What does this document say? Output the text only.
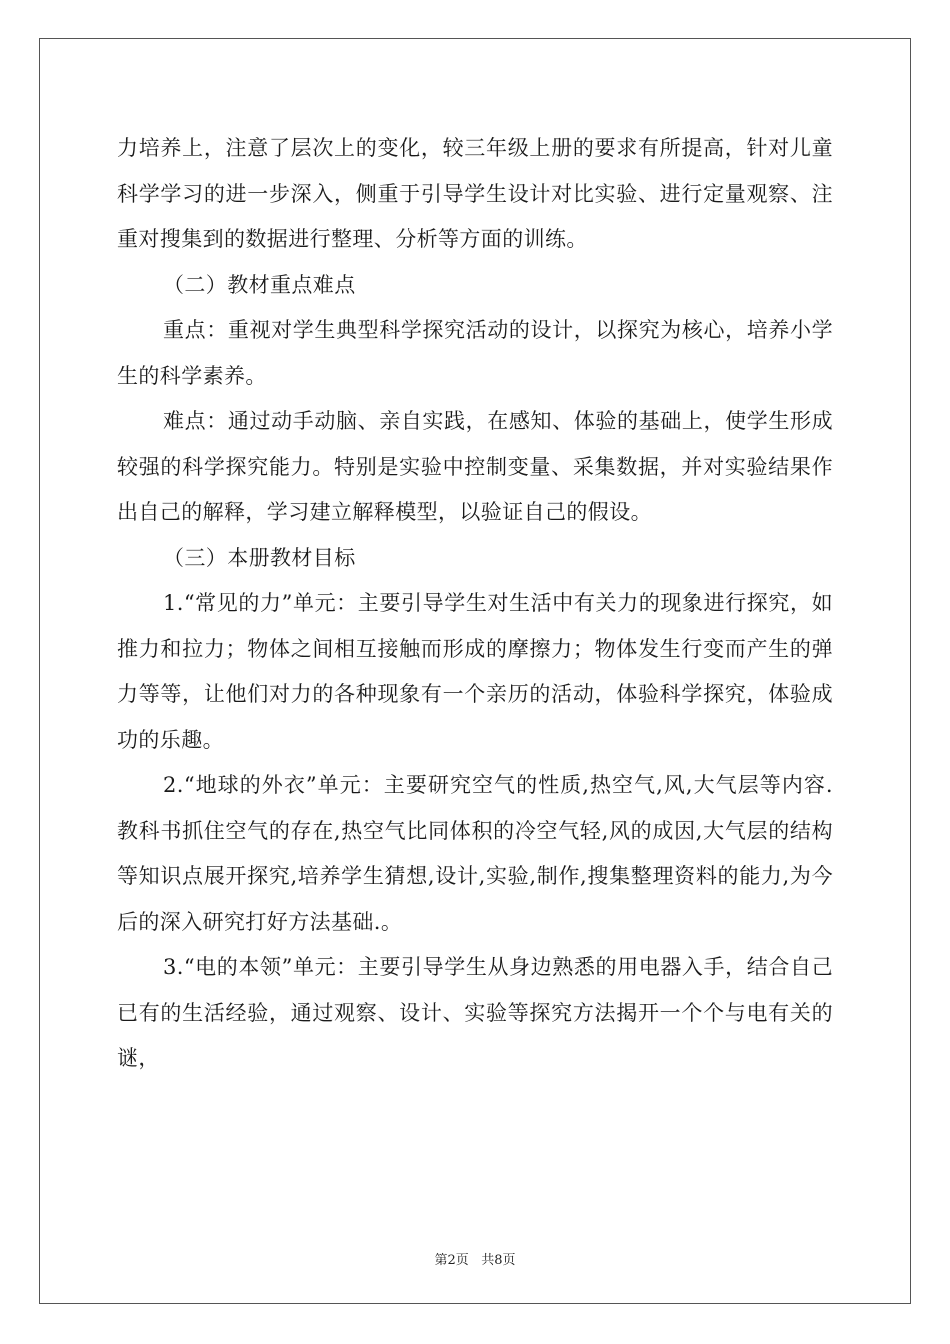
力培养上，注意了层次上的变化，较三年级上册的要求有所提高，针对儿童科学学习的进一步深入，侧重于引导学生设计对比实验、进行定量观察、注重对搜集到的数据进行整理、分析等方面的训练。

（二）教材重点难点

重点：重视对学生典型科学探究活动的设计，以探究为核心，培养小学生的科学素养。

难点：通过动手动脑、亲自实践，在感知、体验的基础上，使学生形成较强的科学探究能力。特别是实验中控制变量、采集数据，并对实验结果作出自己的解释，学习建立解释模型，以验证自己的假设。

（三）本册教材目标

1.“常见的力”单元：主要引导学生对生活中有关力的现象进行探究，如推力和拉力；物体之间相互接触而形成的摩擦力；物体发生行变而产生的弹力等等，让他们对力的各种现象有一个亲历的活动，体验科学探究，体验成功的乐趣。

2.“地球的外衣”单元：主要研究空气的性质,热空气,风,大气层等内容.教科书抓住空气的存在,热空气比同体积的冷空气轻,风的成因,大气层的结构等知识点展开探究,培养学生猜想,设计,实验,制作,搜集整理资料的能力,为今后的深入研究打好方法基础.。

3.“电的本领”单元：主要引导学生从身边熟悉的用电器入手，结合自己已有的生活经验，通过观察、设计、实验等探究方法揭开一个个与电有关的谜，

第2页 共8页
